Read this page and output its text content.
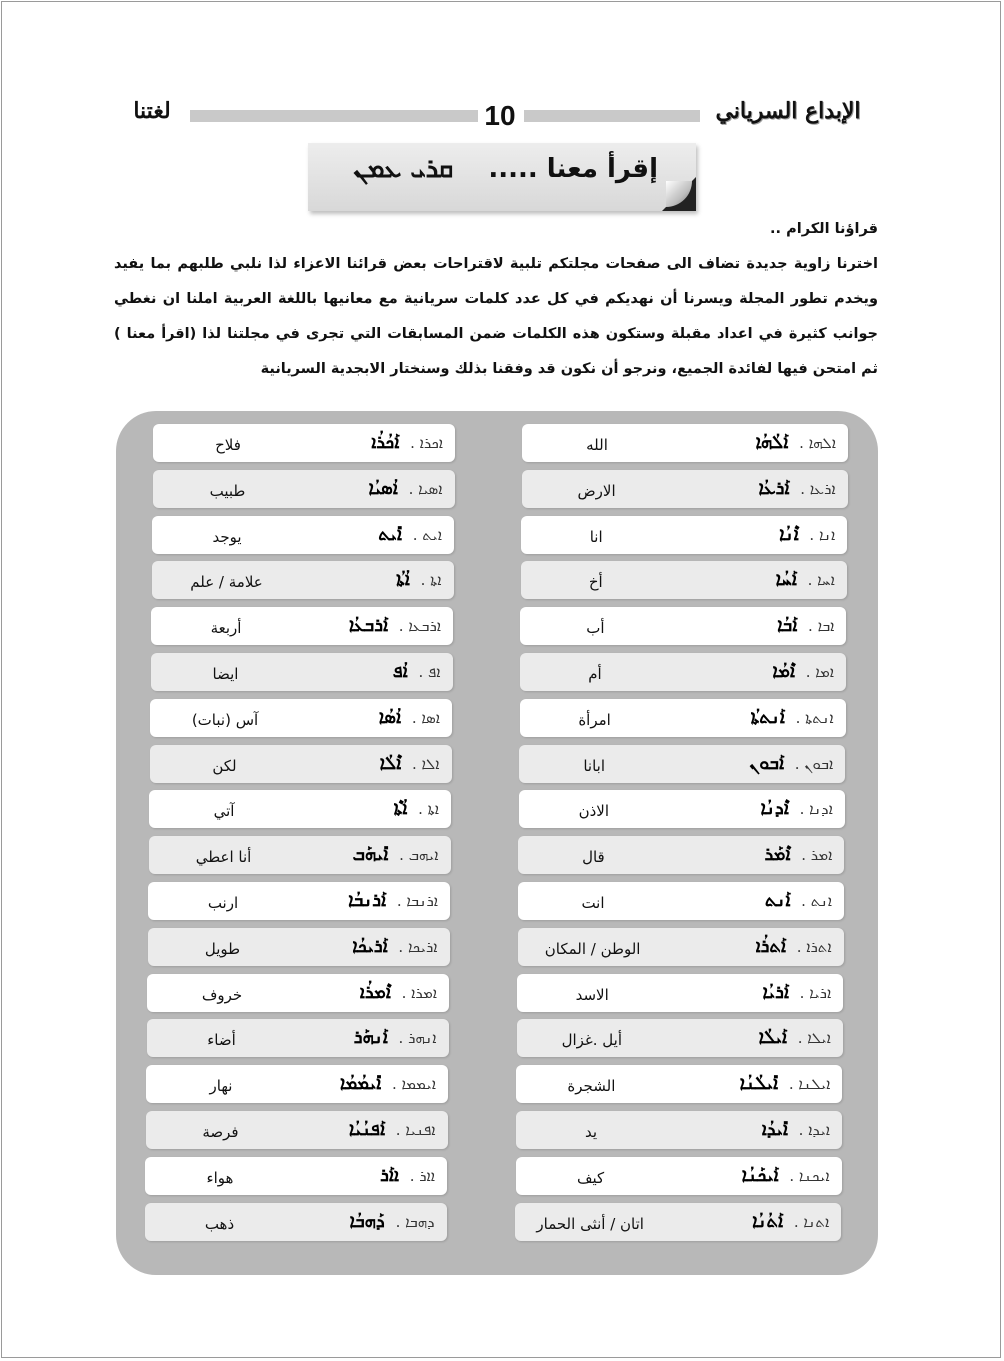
لغتنا	10	الإبداع السرياني
إقرأ معنا ..... ܩܪܝ ܥܡܢ

قراؤنا الكرام ..

اخترنا زاوية جديدة تضاف الى صفحات مجلتكم تلبية لاقتراحات بعض قرائنا الاعزاء لذا نلبي طلبهم بما يفيد ويخدم تطور المجلة ويسرنا أن نهديكم في كل عدد كلمات سريانية مع معانيها باللغة العربية املنا ان نغطي جوانب كثيرة في اعداد مقبلة وستكون هذه الكلمات ضمن المسابقات التي تجرى في مجلتنا لذا (اقرأ معنا ) ثم امتحن فيها لفائدة الجميع، ونرجو أن نكون قد وفقنا بذلك وسنختار الابجدية السريانية

ܐܠܗܐ . ܐܰܠܳܗܳܐ
الله
ܐܪܥܐ . ܐܰܪܥܳܐ
الارض
ܐܢܐ . ܐܶܢܳܐ
انا
ܐܚܐ . ܐܰܚܳܐ
أخ
ܐܒܐ . ܐܰܒܳܐ
أب
ܐܡܐ . ܐܶܡܳܐ
أم
ܐܢܬܬܐ . ܐܰܢܬܬܳܐ
امرأة
ܐܒܘܢ . ܐܰܒܘܢ
ابانا
ܐܕܢܐ . ܐܶܕܢܳܐ
الاذن
ܐܡܪ . ܐܶܡܰܪ
قال
ܐܢܬ . ܐܰܢܬ
انت
ܐܬܪܐ . ܐܰܬܪܳܐ
الوطن / المكان
ܐܪܝܐ . ܐܰܪܝܳܐ
الاسد
ܐܝܠܐ . ܐܰܝܠܳܐ
أيل .غزال
ܐܝܠܢܐ . ܐܺܝܠܳܢܳܐ
الشجرة
ܐܝܕܐ . ܐܺܝܕܳܐ
يد
ܐܝܟܢܐ . ܐܰܝܟܰܢܳܐ
كيف
ܐܬܢܐ . ܐܰܬܳܢܳܐ
اتان / أنثى الحمار
ܐܟܪܐ . ܐܰܟܳܪܳܐ
فلاح
ܐܣܝܐ . ܐܳܣܝܳܐ
طبيب
ܐܝܬ . ܐܺܝܬ
يوجد
ܐܬܐ . ܐܳܬܳܐ
علامة / علم
ܐܪܒܥܐ . ܐܰܪܒܥܳܐ
أربعة
ܐܦ . ܐܳܦ
ايضا
ܐܣܐ . ܐܳܣܳܐ
آس (نبات)
ܐܠܐ . ܐܶܠܳܐ
لكن
ܐܬܐ . ܐܳܬܶܐ
آتي
ܐܝܗܒ . ܐܺܝܗܰܒ
أنا اعطي
ܐܪܢܒܐ . ܐܰܪܢܒܳܐ
ارنب
ܐܪܝܟܐ . ܐܰܪܝܟܳܐ
طويل
ܐܡܪܐ . ܐܶܡܪܳܐ
خروف
ܐܢܗܪ . ܐܰܢܗܰܪ
أضاء
ܐܝܡܡܐ . ܐܺܝܡܳܡܳܐ
نهار
ܐܦܢܝܐ . ܐܰܦܢܳܝܳܐ
فرصة
ܐܐܪ . ܐܐܰܪ
هواء
ܕܗܒܐ . ܕܰܗܒܳܐ
ذهب
